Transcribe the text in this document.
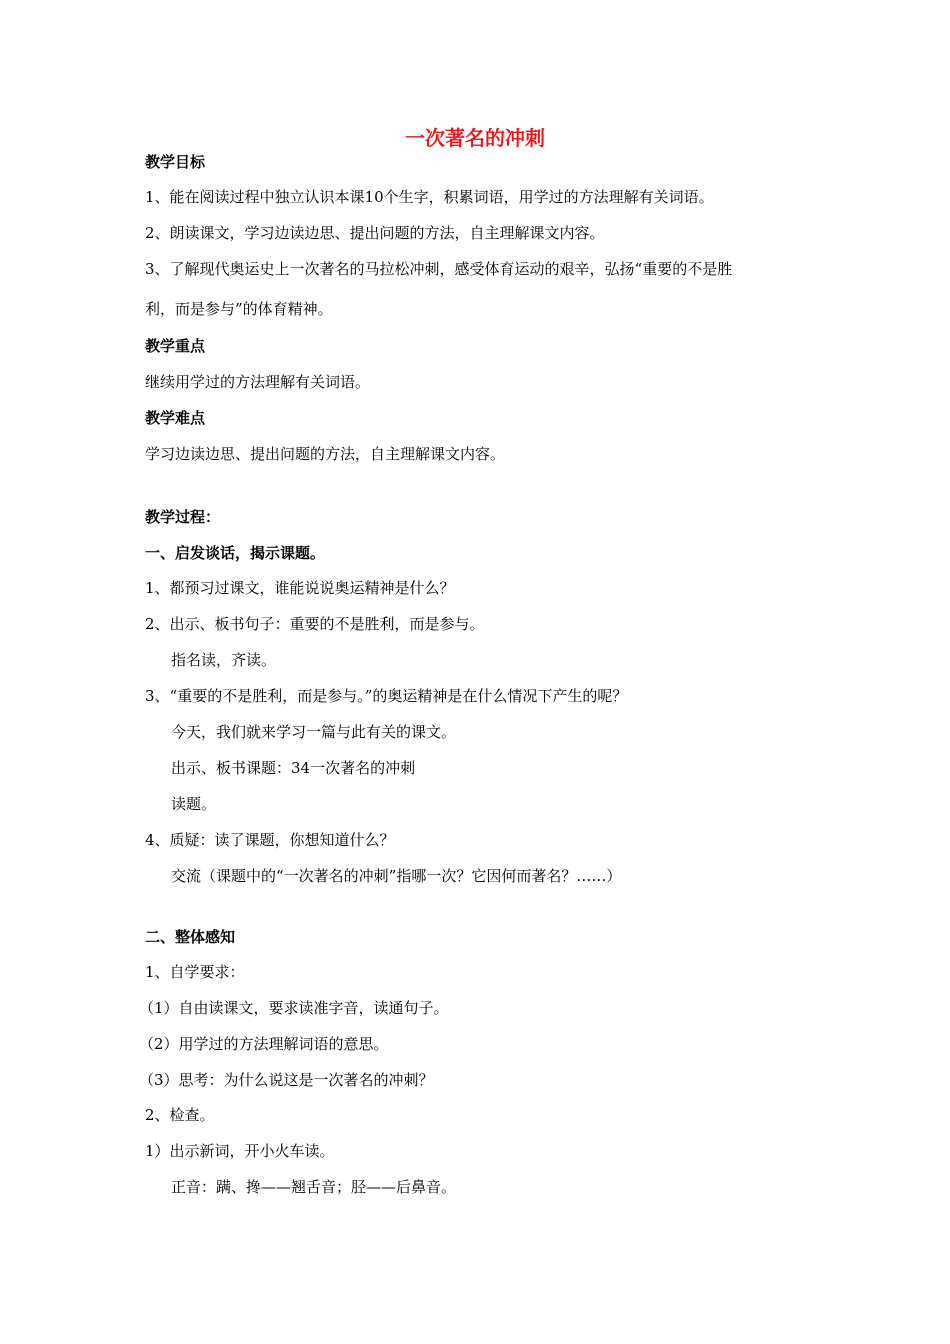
一次著名的冲刺

教学目标

1、能在阅读过程中独立认识本课10个生字，积累词语，用学过的方法理解有关词语。

2、朗读课文，学习边读边思、提出问题的方法，自主理解课文内容。

3、了解现代奥运史上一次著名的马拉松冲刺，感受体育运动的艰辛，弘扬“重要的不是胜

利，而是参与”的体育精神。

教学重点

继续用学过的方法理解有关词语。

教学难点

学习边读边思、提出问题的方法，自主理解课文内容。

教学过程：

一、启发谈话，揭示课题。

1、都预习过课文，谁能说说奥运精神是什么？

2、出示、板书句子：重要的不是胜利，而是参与。

指名读，齐读。

3、“重要的不是胜利，而是参与。”的奥运精神是在什么情况下产生的呢？

今天，我们就来学习一篇与此有关的课文。

出示、板书课题：34一次著名的冲刺

读题。

4、质疑：读了课题，你想知道什么？

交流（课题中的“一次著名的冲刺”指哪一次？它因何而著名？……）

二、整体感知

1、自学要求：

（1）自由读课文，要求读准字音，读通句子。

（2）用学过的方法理解词语的意思。

（3）思考：为什么说这是一次著名的冲刺？

2、检查。

1）出示新词，开小火车读。

正音：蹒、搀——翘舌音；胫——后鼻音。
